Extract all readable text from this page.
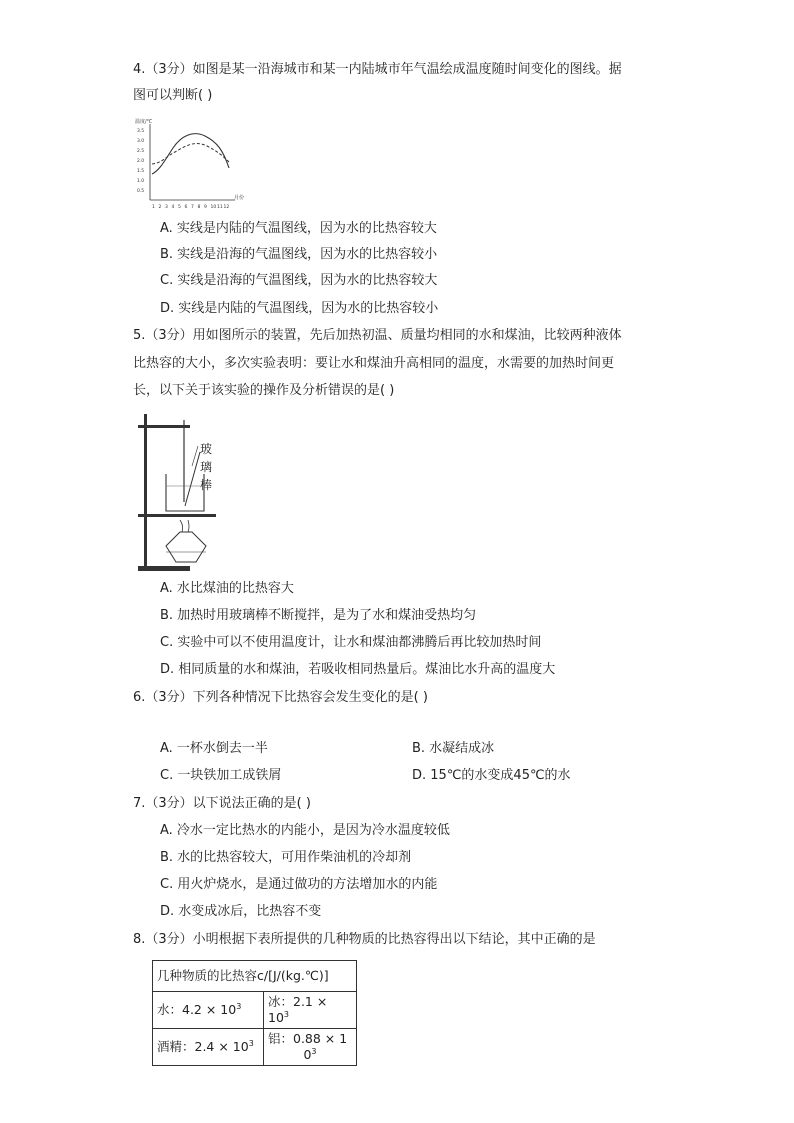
4.（3分）如图是某一沿海城市和某一内陆城市年气温绘成温度随时间变化的图线。据
图可以判断( )
温度/℃
3.5
3.0
2.5
2.0
1.5
1.0
0.5
1 2 3 4 5 6 7 8 9 10 11 12
月份
A. 实线是内陆的气温图线，因为水的比热容较大
B. 实线是沿海的气温图线，因为水的比热容较小
C. 实线是沿海的气温图线，因为水的比热容较大
D. 实线是内陆的气温图线，因为水的比热容较小
5.（3分）用如图所示的装置，先后加热初温、质量均相同的水和煤油，比较两种液体
比热容的大小，多次实验表明：要让水和煤油升高相同的温度，水需要的加热时间更
长，以下关于该实验的操作及分析错误的是( )
玻
璃
棒
A. 水比煤油的比热容大
B. 加热时用玻璃棒不断搅拌，是为了水和煤油受热均匀
C. 实验中可以不使用温度计，让水和煤油都沸腾后再比较加热时间
D. 相同质量的水和煤油，若吸收相同热量后。煤油比水升高的温度大
6.（3分）下列各种情况下比热容会发生变化的是( )
A. 一杯水倒去一半	B. 水凝结成冰
C. 一块铁加工成铁屑	D. 15℃的水变成45℃的水
7.（3分）以下说法正确的是( )
A. 冷水一定比热水的内能小，是因为冷水温度较低
B. 水的比热容较大，可用作柴油机的冷却剂
C. 用火炉烧水，是通过做功的方法增加水的内能
D. 水变成冰后，比热容不变
8.（3分）小明根据下表所提供的几种物质的比热容得出以下结论，其中正确的是
几种物质的比热容c/[J/(kg.℃)]	
水：$4.2 \times 10^3$	冰：$2.1 \times 10^3$
酒精：$2.4 \times 10^3$	铝：0.88 × 1
$0^3$
